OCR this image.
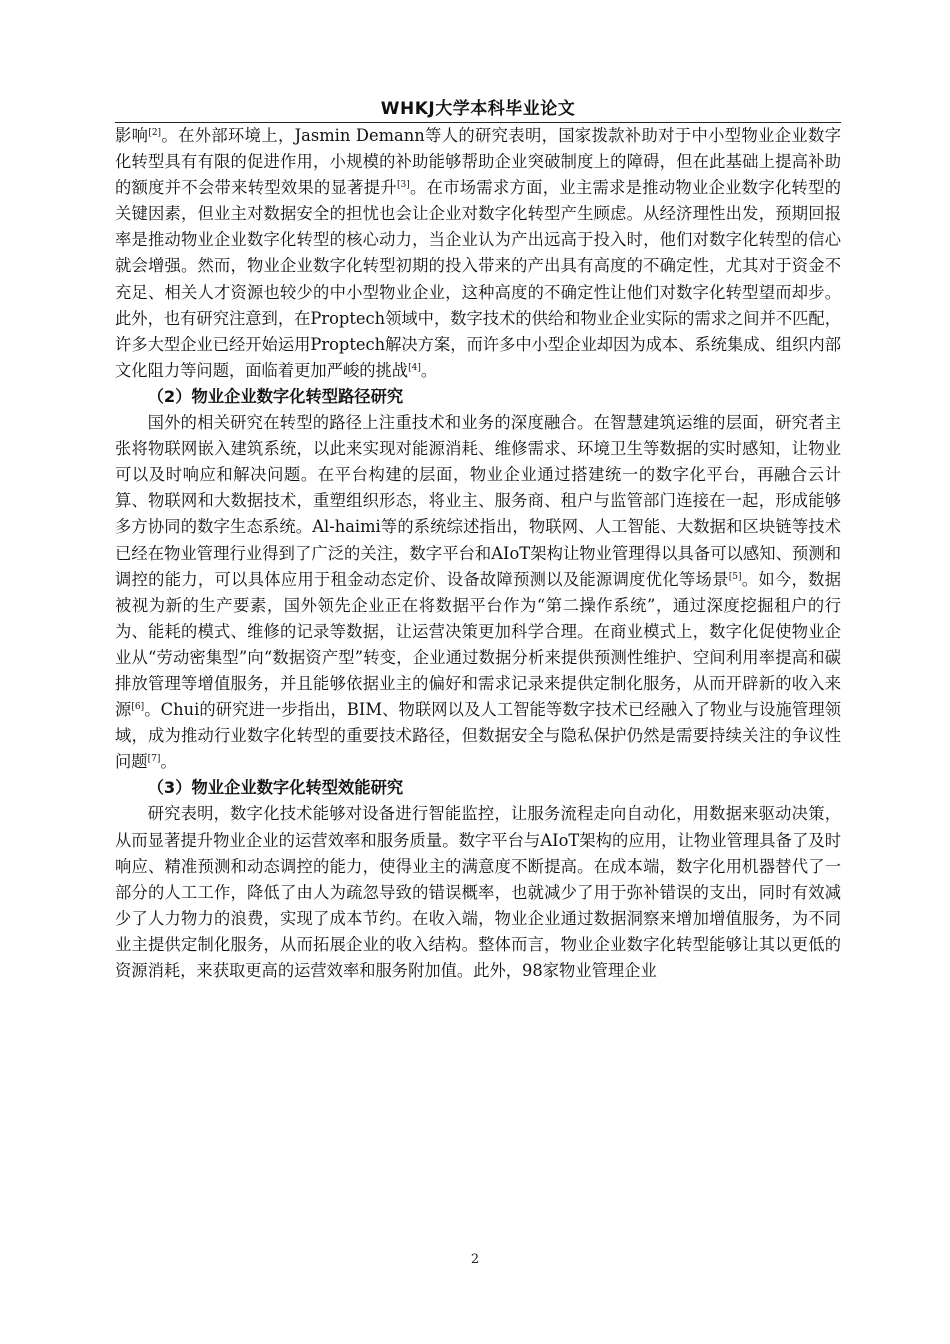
WHKJ大学本科毕业论文

影响[2]。在外部环境上，Jasmin Demann等人的研究表明，国家拨款补助对于中小型物业企业数字化转型具有有限的促进作用，小规模的补助能够帮助企业突破制度上的障碍，但在此基础上提高补助的额度并不会带来转型效果的显著提升[3]。在市场需求方面，业主需求是推动物业企业数字化转型的关键因素，但业主对数据安全的担忧也会让企业对数字化转型产生顾虑。从经济理性出发，预期回报率是推动物业企业数字化转型的核心动力，当企业认为产出远高于投入时，他们对数字化转型的信心就会增强。然而，物业企业数字化转型初期的投入带来的产出具有高度的不确定性，尤其对于资金不充足、相关人才资源也较少的中小型物业企业，这种高度的不确定性让他们对数字化转型望而却步。此外，也有研究注意到，在Proptech领域中，数字技术的供给和物业企业实际的需求之间并不匹配，许多大型企业已经开始运用Proptech解决方案，而许多中小型企业却因为成本、系统集成、组织内部文化阻力等问题，面临着更加严峻的挑战[4]。

（2）物业企业数字化转型路径研究

国外的相关研究在转型的路径上注重技术和业务的深度融合。在智慧建筑运维的层面，研究者主张将物联网嵌入建筑系统，以此来实现对能源消耗、维修需求、环境卫生等数据的实时感知，让物业可以及时响应和解决问题。在平台构建的层面，物业企业通过搭建统一的数字化平台，再融合云计算、物联网和大数据技术，重塑组织形态，将业主、服务商、租户与监管部门连接在一起，形成能够多方协同的数字生态系统。Al-haimi等的系统综述指出，物联网、人工智能、大数据和区块链等技术已经在物业管理行业得到了广泛的关注，数字平台和AIoT架构让物业管理得以具备可以感知、预测和调控的能力，可以具体应用于租金动态定价、设备故障预测以及能源调度优化等场景[5]。如今，数据被视为新的生产要素，国外领先企业正在将数据平台作为“第二操作系统”，通过深度挖掘租户的行为、能耗的模式、维修的记录等数据，让运营决策更加科学合理。在商业模式上，数字化促使物业企业从“劳动密集型”向“数据资产型”转变，企业通过数据分析来提供预测性维护、空间利用率提高和碳排放管理等增值服务，并且能够依据业主的偏好和需求记录来提供定制化服务，从而开辟新的收入来源[6]。Chui的研究进一步指出，BIM、物联网以及人工智能等数字技术已经融入了物业与设施管理领域，成为推动行业数字化转型的重要技术路径，但数据安全与隐私保护仍然是需要持续关注的争议性问题[7]。

（3）物业企业数字化转型效能研究

研究表明，数字化技术能够对设备进行智能监控，让服务流程走向自动化，用数据来驱动决策，从而显著提升物业企业的运营效率和服务质量。数字平台与AIoT架构的应用，让物业管理具备了及时响应、精准预测和动态调控的能力，使得业主的满意度不断提高。在成本端，数字化用机器替代了一部分的人工工作，降低了由人为疏忽导致的错误概率，也就减少了用于弥补错误的支出，同时有效减少了人力物力的浪费，实现了成本节约。在收入端，物业企业通过数据洞察来增加增值服务，为不同业主提供定制化服务，从而拓展企业的收入结构。整体而言，物业企业数字化转型能够让其以更低的资源消耗，来获取更高的运营效率和服务附加值。此外，98家物业管理企业

2
